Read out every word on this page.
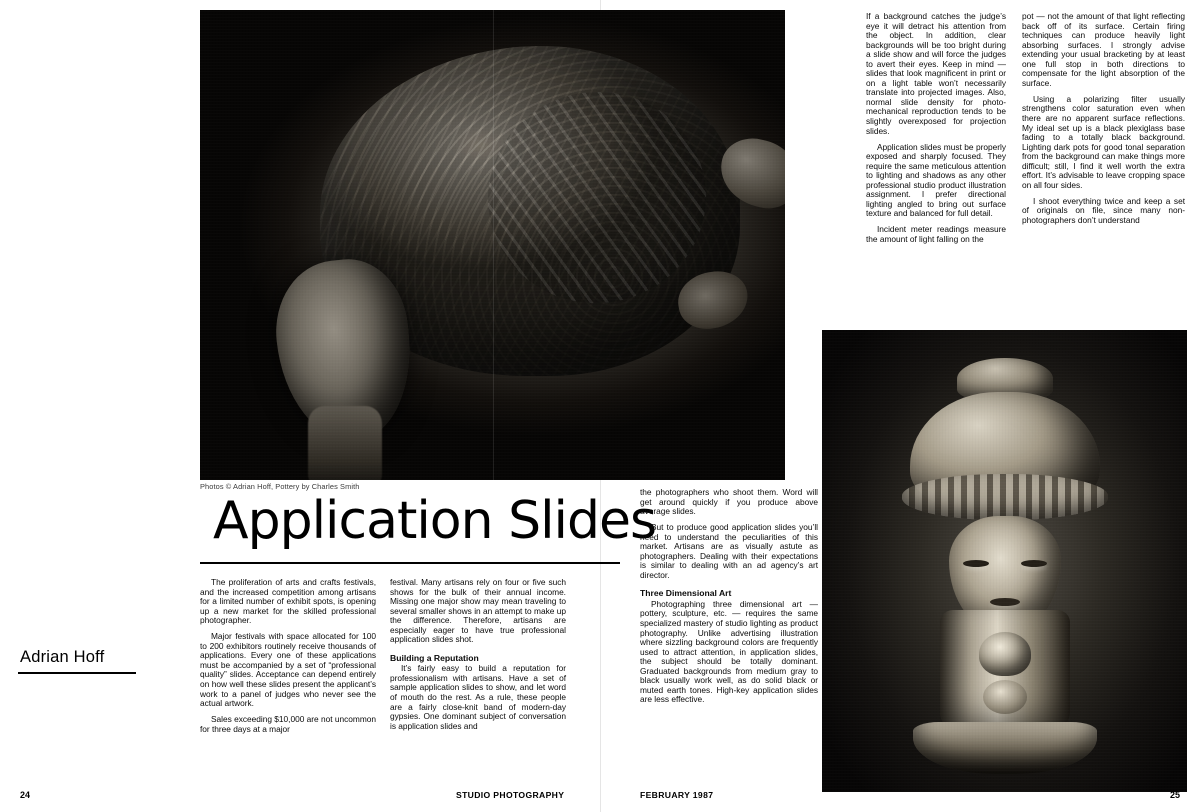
Photos © Adrian Hoff, Pottery by Charles Smith
Application Slides
Adrian Hoff

The proliferation of arts and crafts festivals, and the increased competition among artisans for a limited number of exhibit spots, is opening up a new market for the skilled professional photographer.

Major festivals with space allocated for 100 to 200 exhibitors routinely receive thousands of applications. Every one of these applications must be accompanied by a set of “professional quality” slides. Acceptance can depend entirely on how well these slides present the applicant’s work to a panel of judges who never see the actual artwork.

Sales exceeding $10,000 are not uncommon for three days at a major

festival. Many artisans rely on four or five such shows for the bulk of their annual income. Missing one major show may mean traveling to several smaller shows in an attempt to make up the difference. Therefore, artisans are especially eager to have true professional application slides shot.

Building a Reputation

It’s fairly easy to build a reputation for professionalism with artisans. Have a set of sample application slides to show, and let word of mouth do the rest. As a rule, these people are a fairly close-knit band of modern-day gypsies. One dominant subject of conversation is application slides and

the photographers who shoot them. Word will get around quickly if you produce above average slides.

But to produce good application slides you’ll need to understand the peculiarities of this market. Artisans are as visually astute as photographers. Dealing with their expectations is similar to dealing with an ad agency’s art director.

Three Dimensional Art

Photographing three dimensional art — pottery, sculpture, etc. — requires the same specialized mastery of studio lighting as product photography. Unlike advertising illustration where sizzling background colors are frequently used to attract attention, in application slides, the subject should be totally dominant. Graduated backgrounds from medium gray to black usually work well, as do solid black or muted earth tones. High-key application slides are less effective.

If a background catches the judge’s eye it will detract his attention from the object. In addition, clear backgrounds will be too bright during a slide show and will force the judges to avert their eyes. Keep in mind — slides that look magnificent in print or on a light table won’t necessarily translate into projected images. Also, normal slide density for photo-mechanical reproduction tends to be slightly overexposed for projection slides.

Application slides must be properly exposed and sharply focused. They require the same meticulous attention to lighting and shadows as any other professional studio product illustration assignment. I prefer directional lighting angled to bring out surface texture and balanced for full detail.

Incident meter readings measure the amount of light falling on the

pot — not the amount of that light reflecting back off of its surface. Certain firing techniques can produce heavily light absorbing surfaces. I strongly advise extending your usual bracketing by at least one full stop in both directions to compensate for the light absorption of the surface.

Using a polarizing filter usually strengthens color saturation even when there are no apparent surface reflections. My ideal set up is a black plexiglass base fading to a totally black background. Lighting dark pots for good tonal separation from the background can make things more difficult; still, I find it well worth the extra effort. It’s advisable to leave cropping space on all four sides.

I shoot everything twice and keep a set of originals on file, since many non-photographers don’t understand

24	STUDIO PHOTOGRAPHY	FEBRUARY 1987	25
